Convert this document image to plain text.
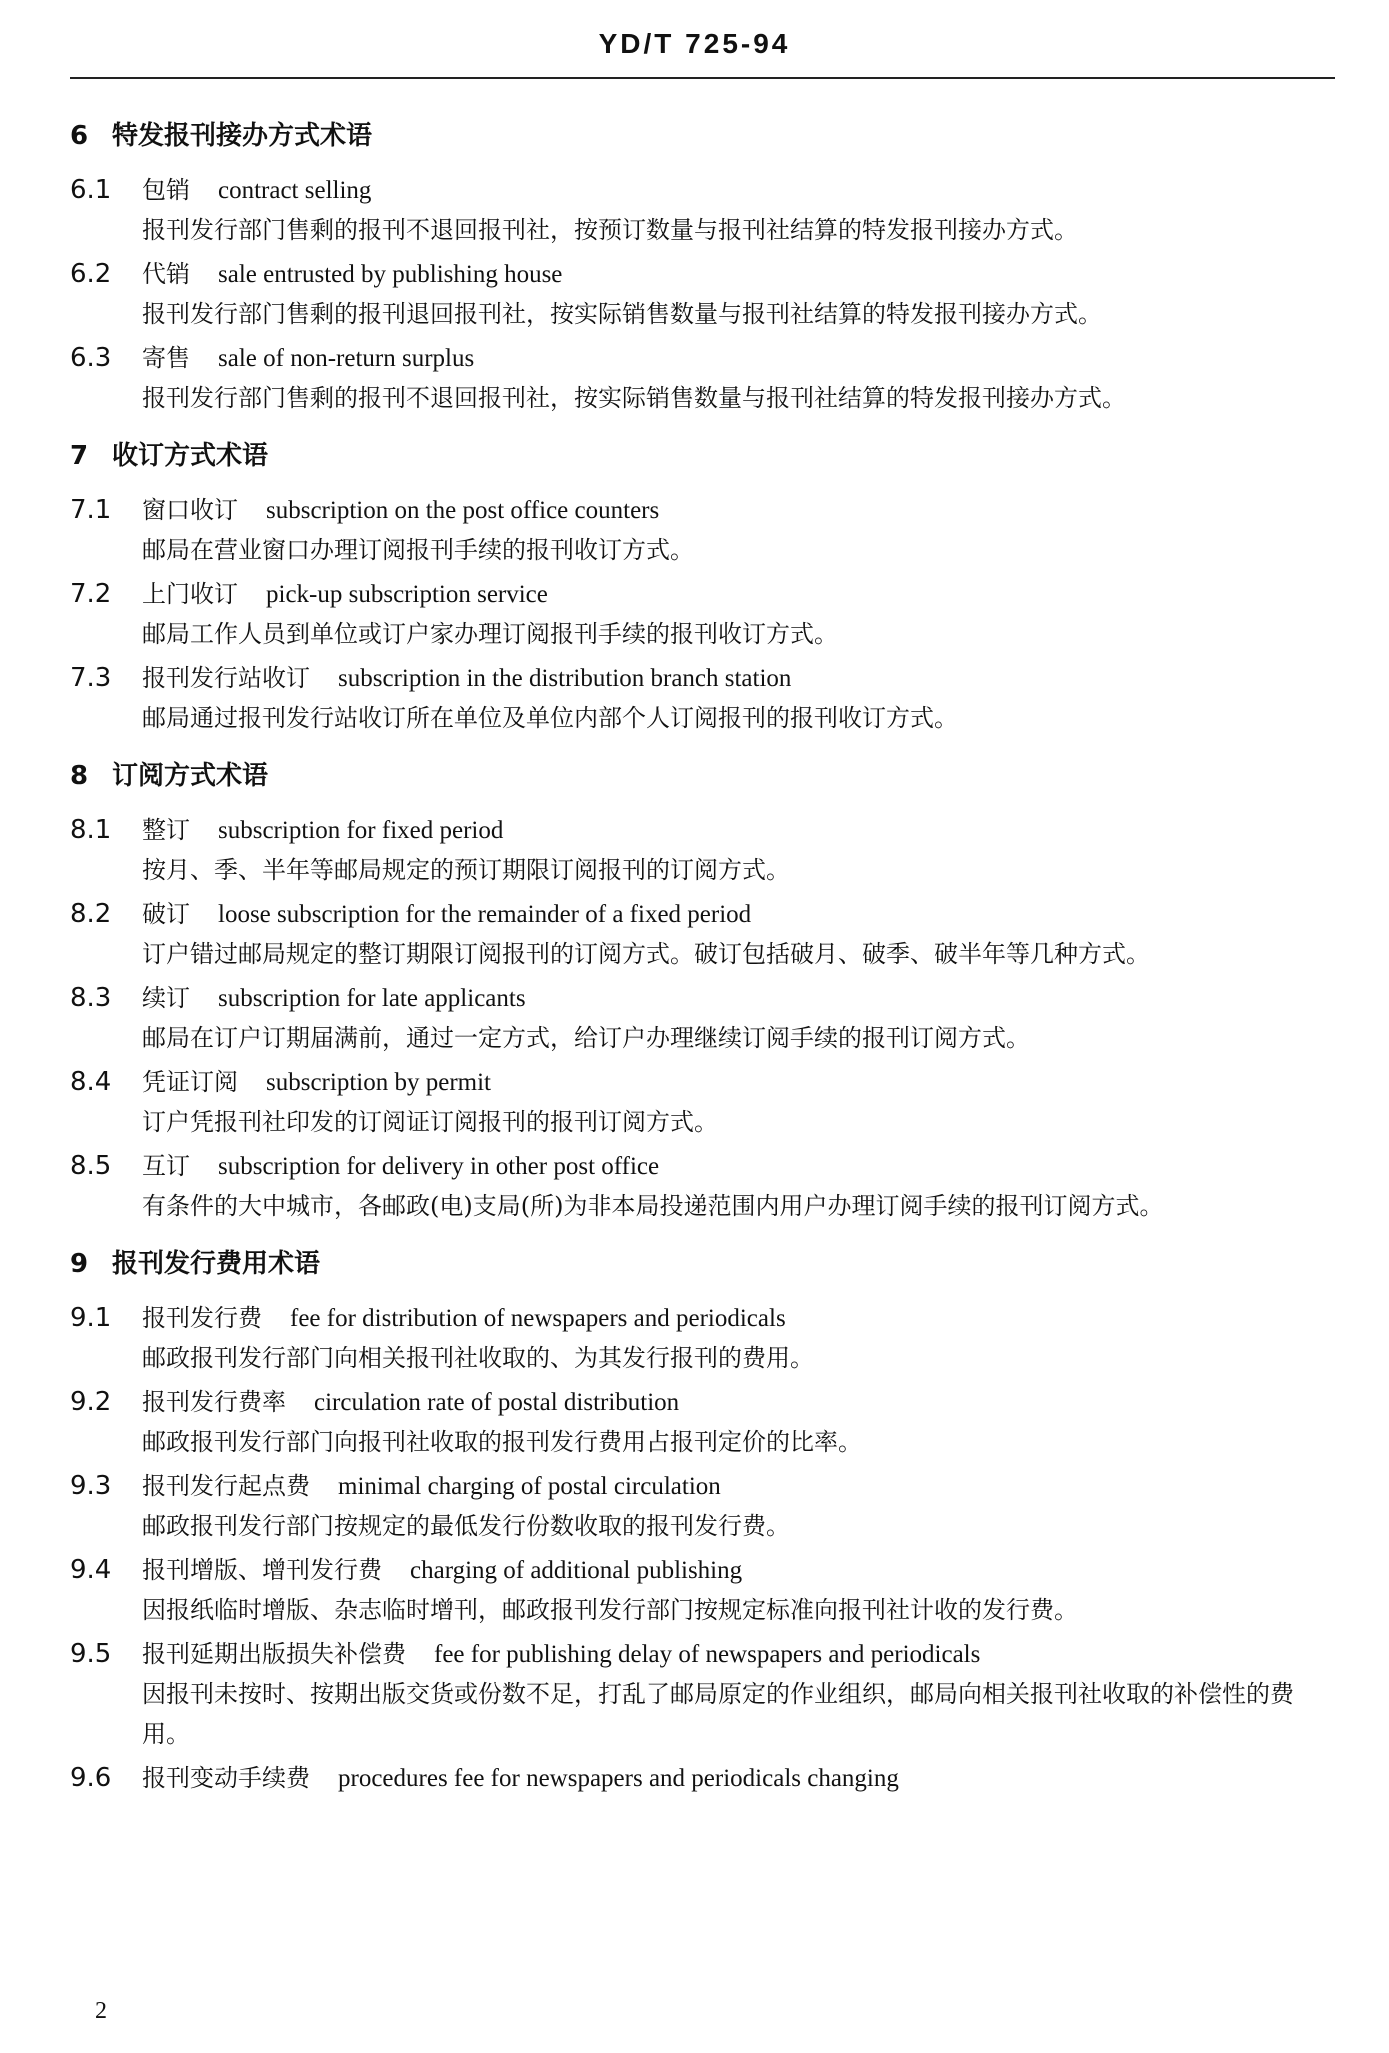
YD/T 725-94
6 特发报刊接办方式术语
6.1 包销 contract selling
报刊发行部门售剩的报刊不退回报刊社，按预订数量与报刊社结算的特发报刊接办方式。
6.2 代销 sale entrusted by publishing house
报刊发行部门售剩的报刊退回报刊社，按实际销售数量与报刊社结算的特发报刊接办方式。
6.3 寄售 sale of non-return surplus
报刊发行部门售剩的报刊不退回报刊社，按实际销售数量与报刊社结算的特发报刊接办方式。
7 收订方式术语
7.1 窗口收订 subscription on the post office counters
邮局在营业窗口办理订阅报刊手续的报刊收订方式。
7.2 上门收订 pick-up subscription service
邮局工作人员到单位或订户家办理订阅报刊手续的报刊收订方式。
7.3 报刊发行站收订 subscription in the distribution branch station
邮局通过报刊发行站收订所在单位及单位内部个人订阅报刊的报刊收订方式。
8 订阅方式术语
8.1 整订 subscription for fixed period
按月、季、半年等邮局规定的预订期限订阅报刊的订阅方式。
8.2 破订 loose subscription for the remainder of a fixed period
订户错过邮局规定的整订期限订阅报刊的订阅方式。破订包括破月、破季、破半年等几种方式。
8.3 续订 subscription for late applicants
邮局在订户订期届满前，通过一定方式，给订户办理继续订阅手续的报刊订阅方式。
8.4 凭证订阅 subscription by permit
订户凭报刊社印发的订阅证订阅报刊的报刊订阅方式。
8.5 互订 subscription for delivery in other post office
有条件的大中城市，各邮政(电)支局(所)为非本局投递范围内用户办理订阅手续的报刊订阅方式。
9 报刊发行费用术语
9.1 报刊发行费 fee for distribution of newspapers and periodicals
邮政报刊发行部门向相关报刊社收取的、为其发行报刊的费用。
9.2 报刊发行费率 circulation rate of postal distribution
邮政报刊发行部门向报刊社收取的报刊发行费用占报刊定价的比率。
9.3 报刊发行起点费 minimal charging of postal circulation
邮政报刊发行部门按规定的最低发行份数收取的报刊发行费。
9.4 报刊增版、增刊发行费 charging of additional publishing
因报纸临时增版、杂志临时增刊，邮政报刊发行部门按规定标准向报刊社计收的发行费。
9.5 报刊延期出版损失补偿费 fee for publishing delay of newspapers and periodicals
因报刊未按时、按期出版交货或份数不足，打乱了邮局原定的作业组织，邮局向相关报刊社收取的补偿性的费用。
9.6 报刊变动手续费 procedures fee for newspapers and periodicals changing
2
